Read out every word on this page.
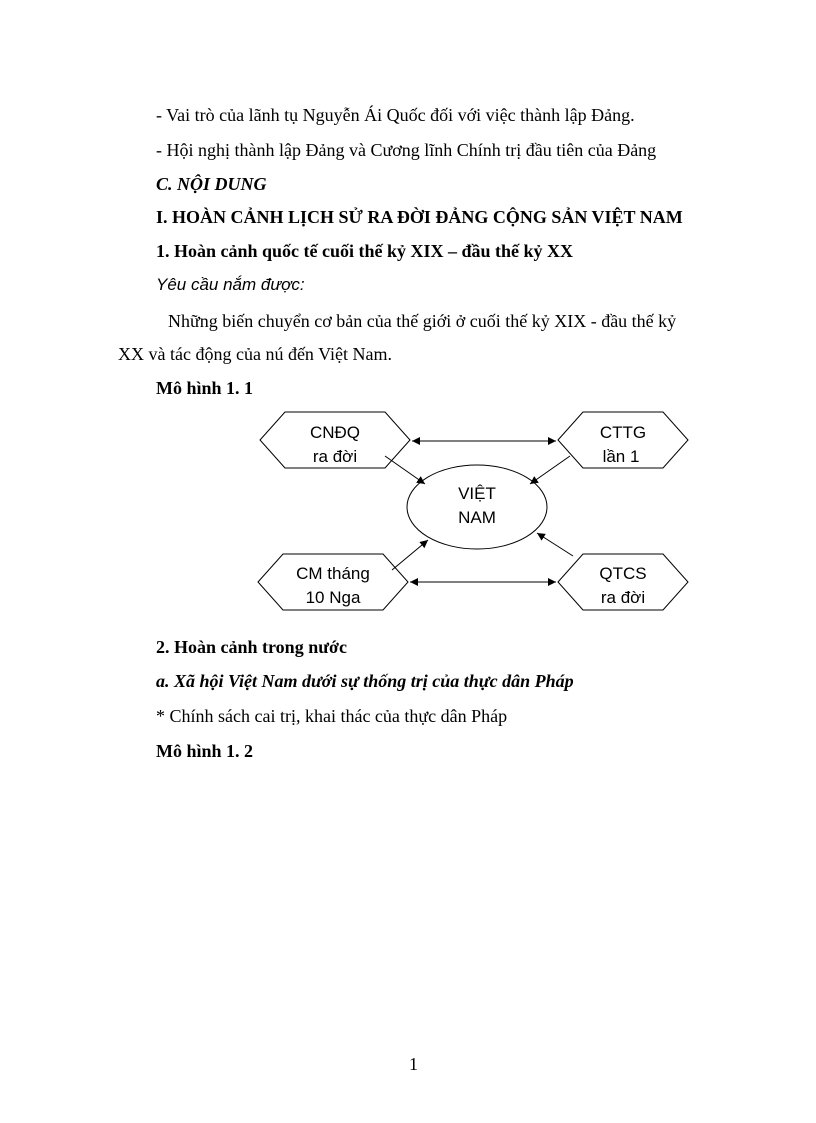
- Vai trò của lãnh tụ Nguyễn Ái Quốc đối với việc thành lập Đảng.
- Hội nghị thành lập Đảng và Cương lĩnh Chính trị đầu tiên của Đảng
C. NỘI DUNG
I. HOÀN CẢNH LỊCH SỬ RA ĐỜI ĐẢNG CỘNG SẢN VIỆT NAM
1. Hoàn cảnh quốc tế cuối thế kỷ XIX – đầu thế kỷ XX
Yêu cầu nắm được:
Những biến chuyển cơ bản của thế giới ở cuối thế kỷ XIX - đầu thế kỷ
XX và tác động của nú đến Việt Nam.
Mô hình 1. 1
CNĐQ
ra đời
CTTG
lần 1
VIỆT
NAM
CM tháng
10 Nga
QTCS
ra đời
2. Hoàn cảnh trong nước
a. Xã hội Việt Nam dưới sự thống trị của thực dân Pháp
* Chính sách cai trị, khai thác của thực dân Pháp
Mô hình 1. 2
1
